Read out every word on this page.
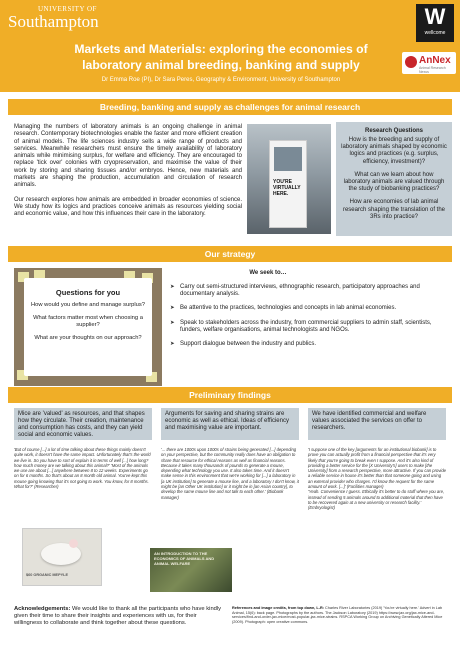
UNIVERSITY OF
Southampton
Markets and Materials: exploring the economies of laboratory animal breeding, banking and supply
Dr Emma Roe (PI), Dr Sara Peres, Geography & Environment, University of Southampton
W
wellcome
AnNex
Animal Research Nexus
Breeding, banking and supply as challenges for animal research

Managing the numbers of laboratory animals is an ongoing challenge in animal research. Contemporary biotechnologies enable the faster and more efficient creation of animal models. The life sciences industry sells a wide range of products and services. Meanwhile researchers must ensure the timely availability of laboratory animals while minimising surplus, for welfare and efficiency. They are encouraged to replace 'tick over' colonies with cryopreservation, and maximise the value of their work by storing and sharing tissues and/or embryos. Hence, new materials and markets are shaping the production, accumulation and circulation of research animals.

Our research explores how animals are embedded in broader economies of science. We study how its logics and practices conceive animals as resources yielding social and economic value, and how this influences their care in the laboratory.

YOU'RE VIRTUALLY HERE.
Research Questions
How is the breeding and supply of laboratory animals shaped by economic logics and practices (e.g. surplus, efficiency, investment)?
What can we learn about how laboratory animals are valued through the study of biobanking practices?
How are economies of lab animal research shaping the translation of the 3Rs into practice?
Our strategy
Questions for you
How would you define and manage surplus?
What factors matter most when choosing a supplier?
What are your thoughts on our approach?
We seek to…
➤ Carry out semi-structured interviews, ethnographic research, participatory approaches and documentary analysis.
➤ Be attentive to the practices, technologies and concepts in lab animal economies.
➤ Speak to stakeholders across the industry, from commercial suppliers to admin staff, scientists, funders, welfare organisations, animal technologists and NGOs.
➤ Support dialogue between the industry and publics.
Preliminary findings
Mice are 'valued' as resources, and that shapes how they circulate. Their creation, maintenance and consumption has costs, and they can yield social and economic values.
'But of course [...] a lot of time talking about these things mainly doesn't quite work, it doesn't have the same impact. Unfortunately that's the world we live in. So you have to sort of explain it in terms of well [...] how long? how much money are we talking about this animal?' 'Most of the animals we use are about [...] anywhere between 8 to 12 weeks. Experiments go on for 6 months. So that's about an 8 month old animal. You've kept this mouse going knowing that it's not going to work. You know, for 8 months. What for?' (Researcher)
Arguments for saving and sharing strains are economic as well as ethical. Ideas of efficiency and maximising value are important.
'... there are 1000s upon 1000s of strains being generated [...] depending on your perspective, but the community really does have an obligation to share that resource for ethical reasons as well as financial reasons. Because it takes many thousands of pounds to generate a mouse, depending what technology you use. It also takes time. And it doesn't make sense in this environment that we're working for [...] a laboratory in [a UK institution] to generate a mouse line, and a laboratory I don't know, it might be [an Other UK institution] or it might be in [an Asian country], to develop the same mouse line and not talk to each other.' (Biobank manager)
We have identified commercial and welfare values associated the services on offer to researchers.
'I suppose one of the key [arguments for an institutional biobank] is to prove you can actually profit from a financial perspective that it's very likely that you're going to break even I suppose. And it's also kind of providing a better service for the [X University's] users to make [the University] from a research perspective, more attractive. If you can provide a reliable service in house it's better than that someone going and using an external provider who charges. I'd know the request for the same amount of work. [...]' (Facilities manager)
'Yeah. Convenience I guess. Ethically it's better to do stuff where you are, instead of sending 5 animals around to additional material that then have to be recovered again at a new university or research facility.' (Embryologist)
$60 ORGANIC MEPYLE
AN INTRODUCTION TO THE ECONOMICS OF ANIMALS AND ANIMAL WELFARE
Acknowledgements: We would like to thank all the participants who have kindly given their time to share their insights and experiences with us, for their willingness to collaborate and think together about these questions.
References and image credits, from top down, L-R: Charles River Laboratories (2019) 'You're virtually here.' Advert in Lab Animal, 15(6): back page. Photographs by the authors. The Jackson Laboratory (2019) https://www.jax.org/jax-mice-and-services/find-and-order-jax-mice/most-popular-jax-mice-strains. RSPCA Working Group on Archiving Genetically Altered Mice (2009). Photograph: open creative commons.
